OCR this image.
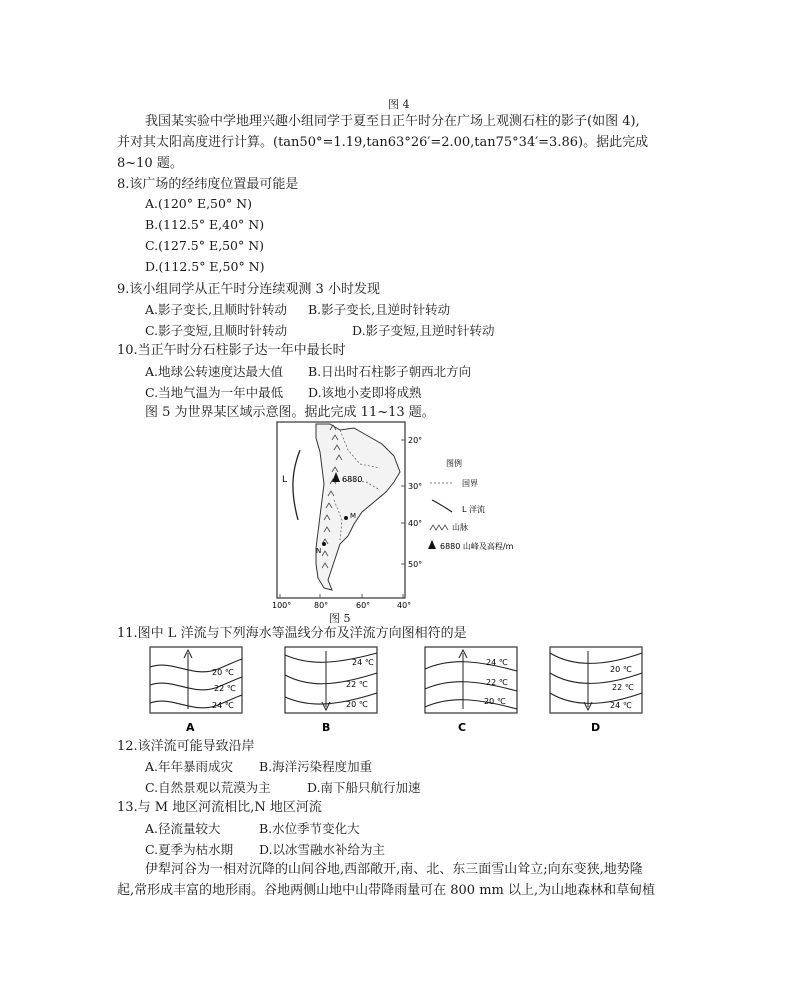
图 4
我国某实验中学地理兴趣小组同学于夏至日正午时分在广场上观测石柱的影子(如图 4),
并对其太阳高度进行计算。(tan50°=1.19,tan63°26′=2.00,tan75°34′=3.86)。据此完成
8~10 题。
8.该广场的经纬度位置最可能是
A.(120° E,50° N)
B.(112.5° E,40° N)
C.(127.5° E,50° N)
D.(112.5° E,50° N)
9.该小组同学从正午时分连续观测 3 小时发现
A.影子变长,且顺时针转动 B.影子变长,且逆时针转动
C.影子变短,且顺时针转动	D.影子变短,且逆时针转动
10.当正午时分石柱影子达一年中最长时
A.地球公转速度达最大值 B.日出时石柱影子朝西北方向
C.当地气温为一年中最低 D.该地小麦即将成熟
图 5 为世界某区域示意图。据此完成 11~13 题。
L	6880
M
N
20°
30°
40°
50°
100°	80°	60°	40°
图例
国界
L 洋流
山脉
6880 山峰及高程/m
图 5
11.图中 L 洋流与下列海水等温线分布及洋流方向图相符的是
20 ℃
22 ℃
24 ℃
A
24 ℃
22 ℃
20 ℃
B
24 ℃
22 ℃
20 ℃
C
20 ℃
22 ℃
24 ℃
D
12.该洋流可能导致沿岸
A.年年暴雨成灾 B.海洋污染程度加重
C.自然景观以荒漠为主	D.南下船只航行加速
13.与 M 地区河流相比,N 地区河流
A.径流量较大	B.水位季节变化大
C.夏季为枯水期 D.以冰雪融水补给为主
伊犁河谷为一相对沉降的山间谷地,西部敞开,南、北、东三面雪山耸立;向东变狭,地势隆
起,常形成丰富的地形雨。谷地两侧山地中山带降雨量可在 800 mm 以上,为山地森林和草甸植
